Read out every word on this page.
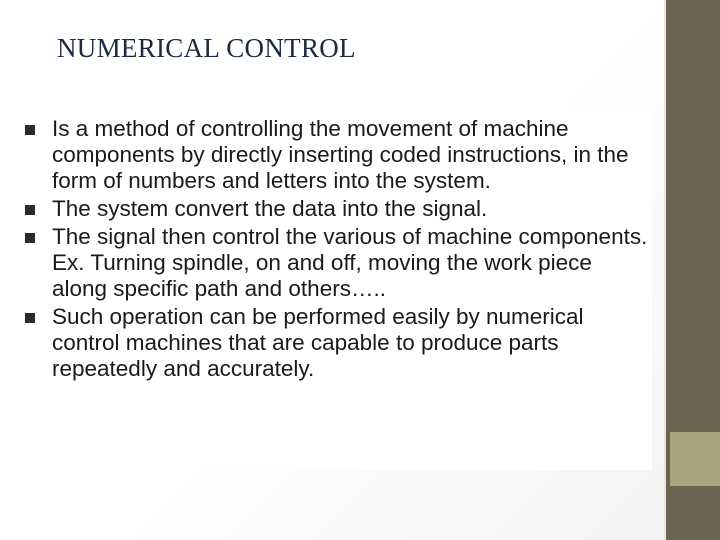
NUMERICAL CONTROL
Is a method of controlling the movement of machine components by directly inserting coded instructions, in the form of numbers and letters into the system.
The system convert the data into the signal.
The signal then control the various of machine components. Ex. Turning spindle, on and off, moving the work piece along specific path and others…..
Such operation can be performed easily by numerical control machines that are capable to produce parts repeatedly and accurately.
